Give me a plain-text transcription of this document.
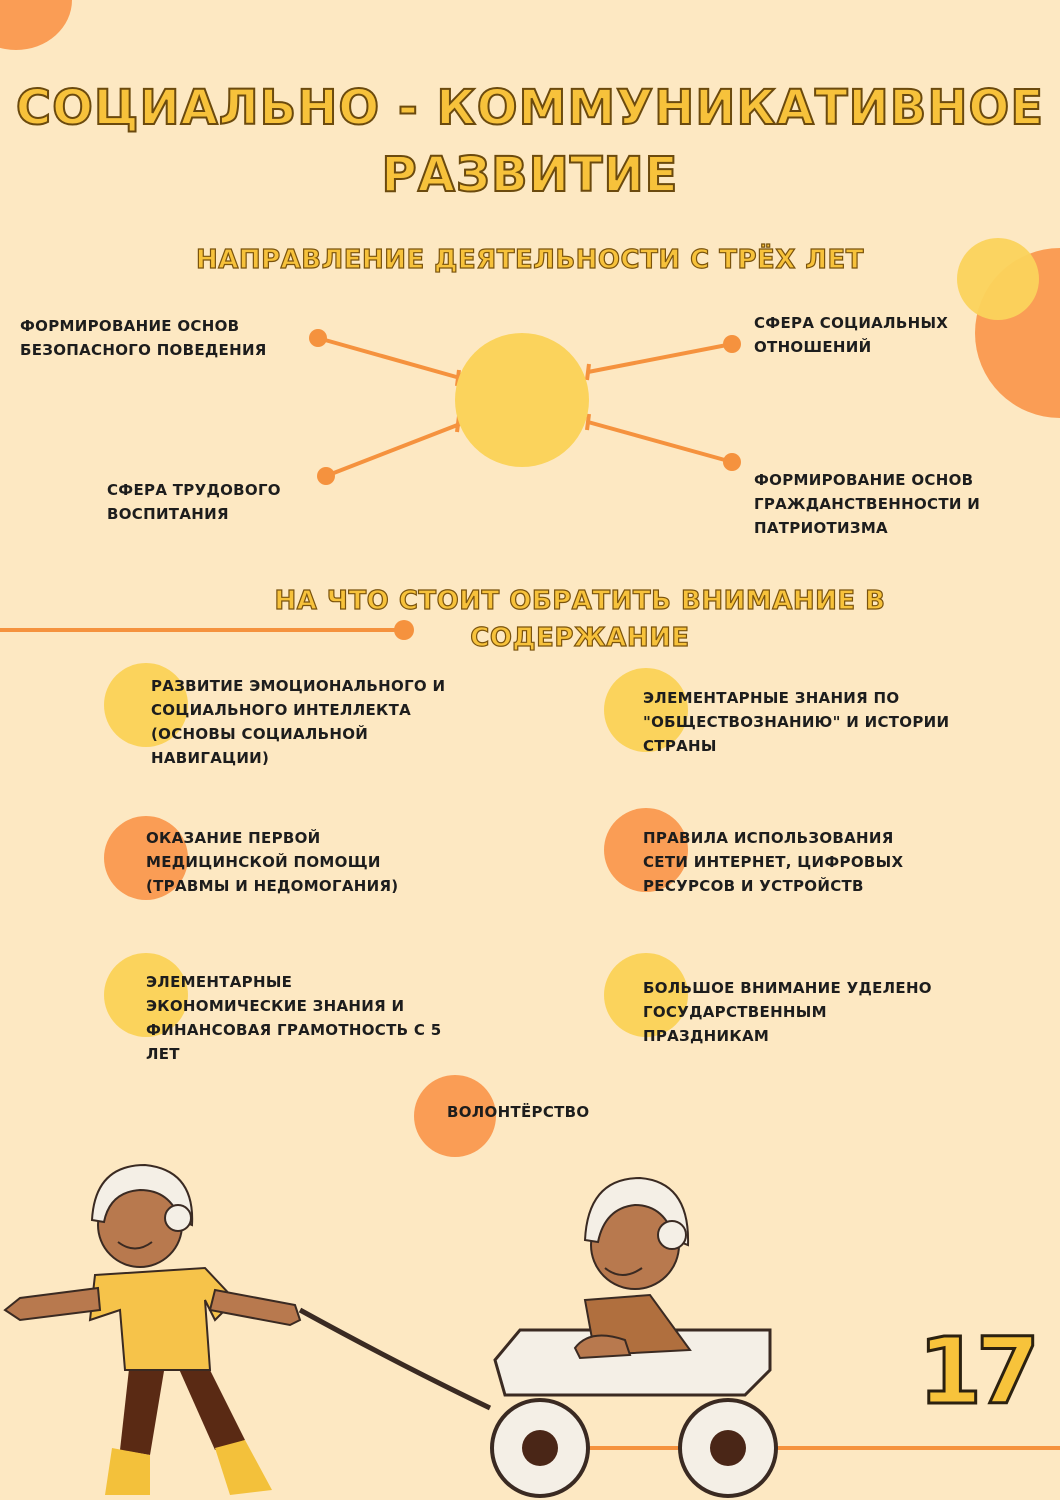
СОЦИАЛЬНО - КОММУНИКАТИВНОЕ
РАЗВИТИЕ
НАПРАВЛЕНИЕ ДЕЯТЕЛЬНОСТИ С ТРЁХ ЛЕТ
ФОРМИРОВАНИЕ ОСНОВ БЕЗОПАСНОГО ПОВЕДЕНИЯ
СФЕРА СОЦИАЛЬНЫХ ОТНОШЕНИЙ
СФЕРА ТРУДОВОГО ВОСПИТАНИЯ
ФОРМИРОВАНИЕ ОСНОВ ГРАЖДАНСТВЕННОСТИ И ПАТРИОТИЗМА
НА ЧТО СТОИТ ОБРАТИТЬ ВНИМАНИЕ В
СОДЕРЖАНИЕ
РАЗВИТИЕ ЭМОЦИОНАЛЬНОГО И СОЦИАЛЬНОГО ИНТЕЛЛЕКТА (ОСНОВЫ СОЦИАЛЬНОЙ НАВИГАЦИИ)
ЭЛЕМЕНТАРНЫЕ ЗНАНИЯ ПО "ОБЩЕСТВОЗНАНИЮ" И ИСТОРИИ СТРАНЫ
ОКАЗАНИЕ ПЕРВОЙ МЕДИЦИНСКОЙ ПОМОЩИ (ТРАВМЫ И НЕДОМОГАНИЯ)
ПРАВИЛА ИСПОЛЬЗОВАНИЯ СЕТИ ИНТЕРНЕТ, ЦИФРОВЫХ РЕСУРСОВ И УСТРОЙСТВ
ЭЛЕМЕНТАРНЫЕ ЭКОНОМИЧЕСКИЕ ЗНАНИЯ И ФИНАНСОВАЯ ГРАМОТНОСТЬ С 5 ЛЕТ
БОЛЬШОЕ ВНИМАНИЕ УДЕЛЕНО ГОСУДАРСТВЕННЫМ ПРАЗДНИКАМ
ВОЛОНТЁРСТВО
17
